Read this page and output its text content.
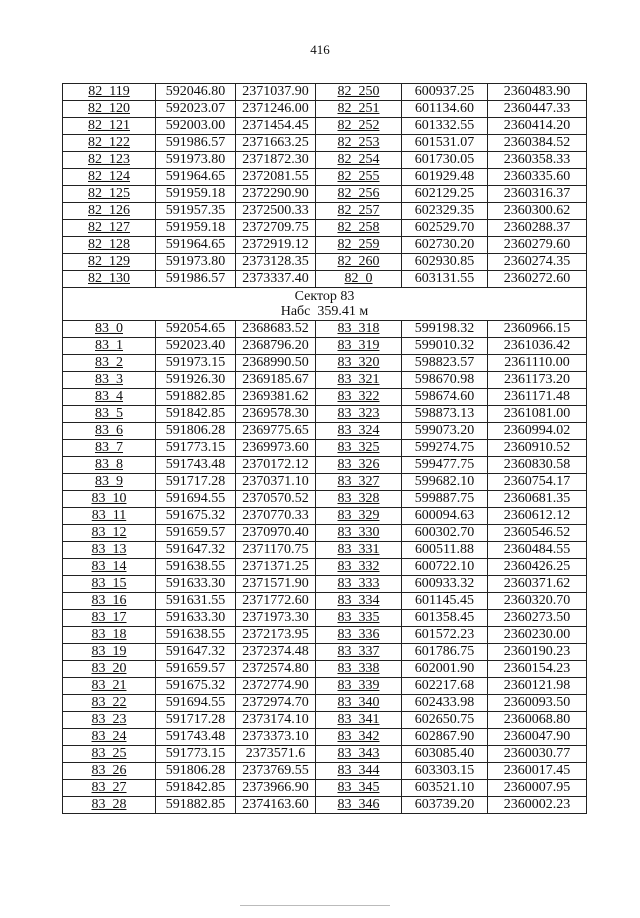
416
82_119	592046.80	2371037.90	82_250	600937.25	2360483.90
82_120	592023.07	2371246.00	82_251	601134.60	2360447.33
82_121	592003.00	2371454.45	82_252	601332.55	2360414.20
82_122	591986.57	2371663.25	82_253	601531.07	2360384.52
82_123	591973.80	2371872.30	82_254	601730.05	2360358.33
82_124	591964.65	2372081.55	82_255	601929.48	2360335.60
82_125	591959.18	2372290.90	82_256	602129.25	2360316.37
82_126	591957.35	2372500.33	82_257	602329.35	2360300.62
82_127	591959.18	2372709.75	82_258	602529.70	2360288.37
82_128	591964.65	2372919.12	82_259	602730.20	2360279.60
82_129	591973.80	2373128.35	82_260	602930.85	2360274.35
82_130	591986.57	2373337.40	82_0	603131.55	2360272.60

Сектор 83
Набс  359.41 м					

83_0	592054.65	2368683.52	83_318	599198.32	2360966.15
83_1	592023.40	2368796.20	83_319	599010.32	2361036.42
83_2	591973.15	2368990.50	83_320	598823.57	2361110.00
83_3	591926.30	2369185.67	83_321	598670.98	2361173.20
83_4	591882.85	2369381.62	83_322	598674.60	2361171.48
83_5	591842.85	2369578.30	83_323	598873.13	2361081.00
83_6	591806.28	2369775.65	83_324	599073.20	2360994.02
83_7	591773.15	2369973.60	83_325	599274.75	2360910.52
83_8	591743.48	2370172.12	83_326	599477.75	2360830.58
83_9	591717.28	2370371.10	83_327	599682.10	2360754.17
83_10	591694.55	2370570.52	83_328	599887.75	2360681.35
83_11	591675.32	2370770.33	83_329	600094.63	2360612.12
83_12	591659.57	2370970.40	83_330	600302.70	2360546.52
83_13	591647.32	2371170.75	83_331	600511.88	2360484.55
83_14	591638.55	2371371.25	83_332	600722.10	2360426.25
83_15	591633.30	2371571.90	83_333	600933.32	2360371.62
83_16	591631.55	2371772.60	83_334	601145.45	2360320.70
83_17	591633.30	2371973.30	83_335	601358.45	2360273.50
83_18	591638.55	2372173.95	83_336	601572.23	2360230.00
83_19	591647.32	2372374.48	83_337	601786.75	2360190.23
83_20	591659.57	2372574.80	83_338	602001.90	2360154.23
83_21	591675.32	2372774.90	83_339	602217.68	2360121.98
83_22	591694.55	2372974.70	83_340	602433.98	2360093.50
83_23	591717.28	2373174.10	83_341	602650.75	2360068.80
83_24	591743.48	2373373.10	83_342	602867.90	2360047.90
83_25	591773.15	2373571.6	83_343	603085.40	2360030.77
83_26	591806.28	2373769.55	83_344	603303.15	2360017.45
83_27	591842.85	2373966.90	83_345	603521.10	2360007.95
83_28	591882.85	2374163.60	83_346	603739.20	2360002.23
